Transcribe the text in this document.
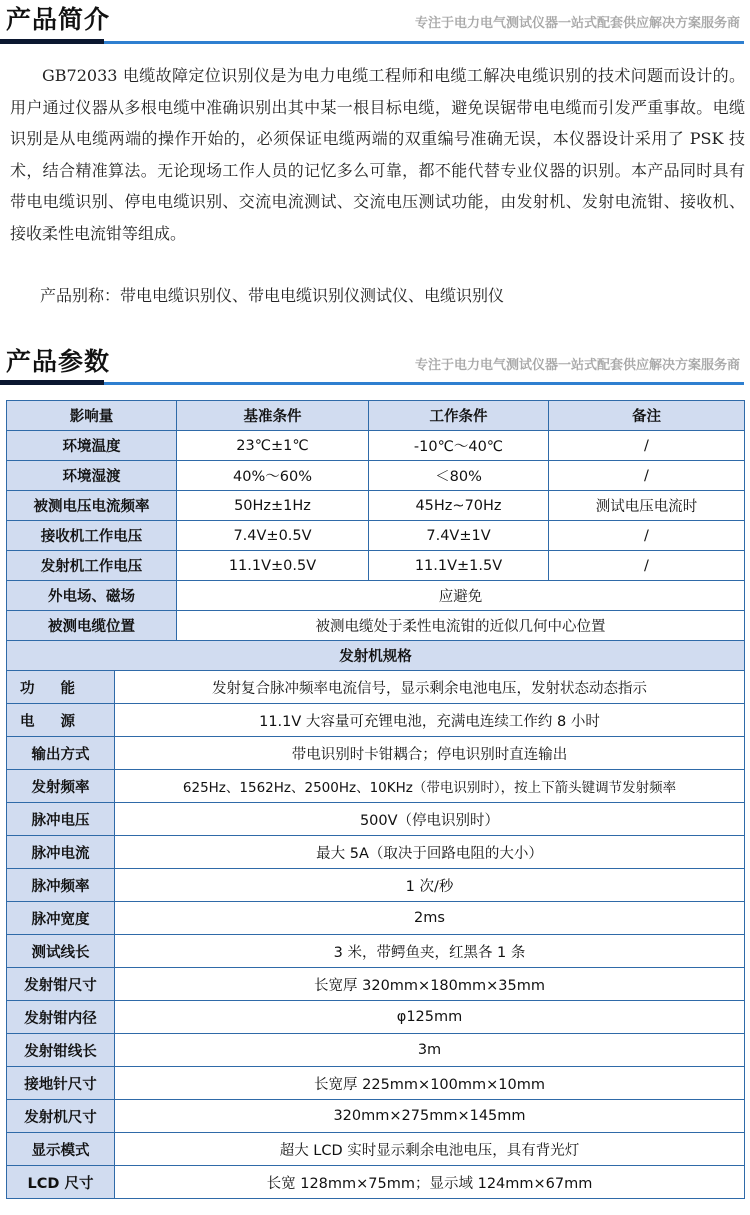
产品简介	专注于电力电气测试仪器一站式配套供应解决方案服务商

GB72033 电缆故障定位识别仪是为电力电缆工程师和电缆工解决电缆识别的技术问题而设计的。用户通过仪器从多根电缆中准确识别出其中某一根目标电缆，避免误锯带电电缆而引发严重事故。电缆识别是从电缆两端的操作开始的，必须保证电缆两端的双重编号准确无误，本仪器设计采用了 PSK 技术，结合精准算法。无论现场工作人员的记忆多么可靠，都不能代替专业仪器的识别。本产品同时具有带电电缆识别、停电电缆识别、交流电流测试、交流电压测试功能，由发射机、发射电流钳、接收机、接收柔性电流钳等组成。

产品别称：带电电缆识别仪、带电电缆识别仪测试仪、电缆识别仪
产品参数	专注于电力电气测试仪器一站式配套供应解决方案服务商
影响量		基准条件	工作条件	备注
环境温度		23℃±1℃	-10℃～40℃	/
环境湿渡		40%～60%	＜80%	/
被测电压电流频率		50Hz±1Hz	45Hz~70Hz	测试电压电流时
接收机工作电压		7.4V±0.5V	7.4V±1V	/
发射机工作电压		11.1V±0.5V	11.1V±1.5V	/
外电场、磁场		应避免		
被测电缆位置		被测电缆处于柔性电流钳的近似几何中心位置		
发射机规格				
功能	发射复合脉冲频率电流信号，显示剩余电池电压，发射状态动态指示			
电源	11.1V 大容量可充锂电池，充满电连续工作约 8 小时			
输出方式	带电识别时卡钳耦合；停电识别时直连输出			
发射频率	625Hz、1562Hz、2500Hz、10KHz（带电识别时），按上下箭头键调节发射频率			
脉冲电压	500V（停电识别时）			
脉冲电流	最大 5A（取决于回路电阻的大小）			
脉冲频率	1 次/秒			
脉冲宽度	2ms			
测试线长	3 米，带鳄鱼夹，红黑各 1 条			
发射钳尺寸	长宽厚 320mm×180mm×35mm			
发射钳内径	φ125mm			
发射钳线长	3m			
接地针尺寸	长宽厚 225mm×100mm×10mm			
发射机尺寸	320mm×275mm×145mm			
显示模式	超大 LCD 实时显示剩余电池电压，具有背光灯			
LCD 尺寸	长宽 128mm×75mm；显示域 124mm×67mm			
